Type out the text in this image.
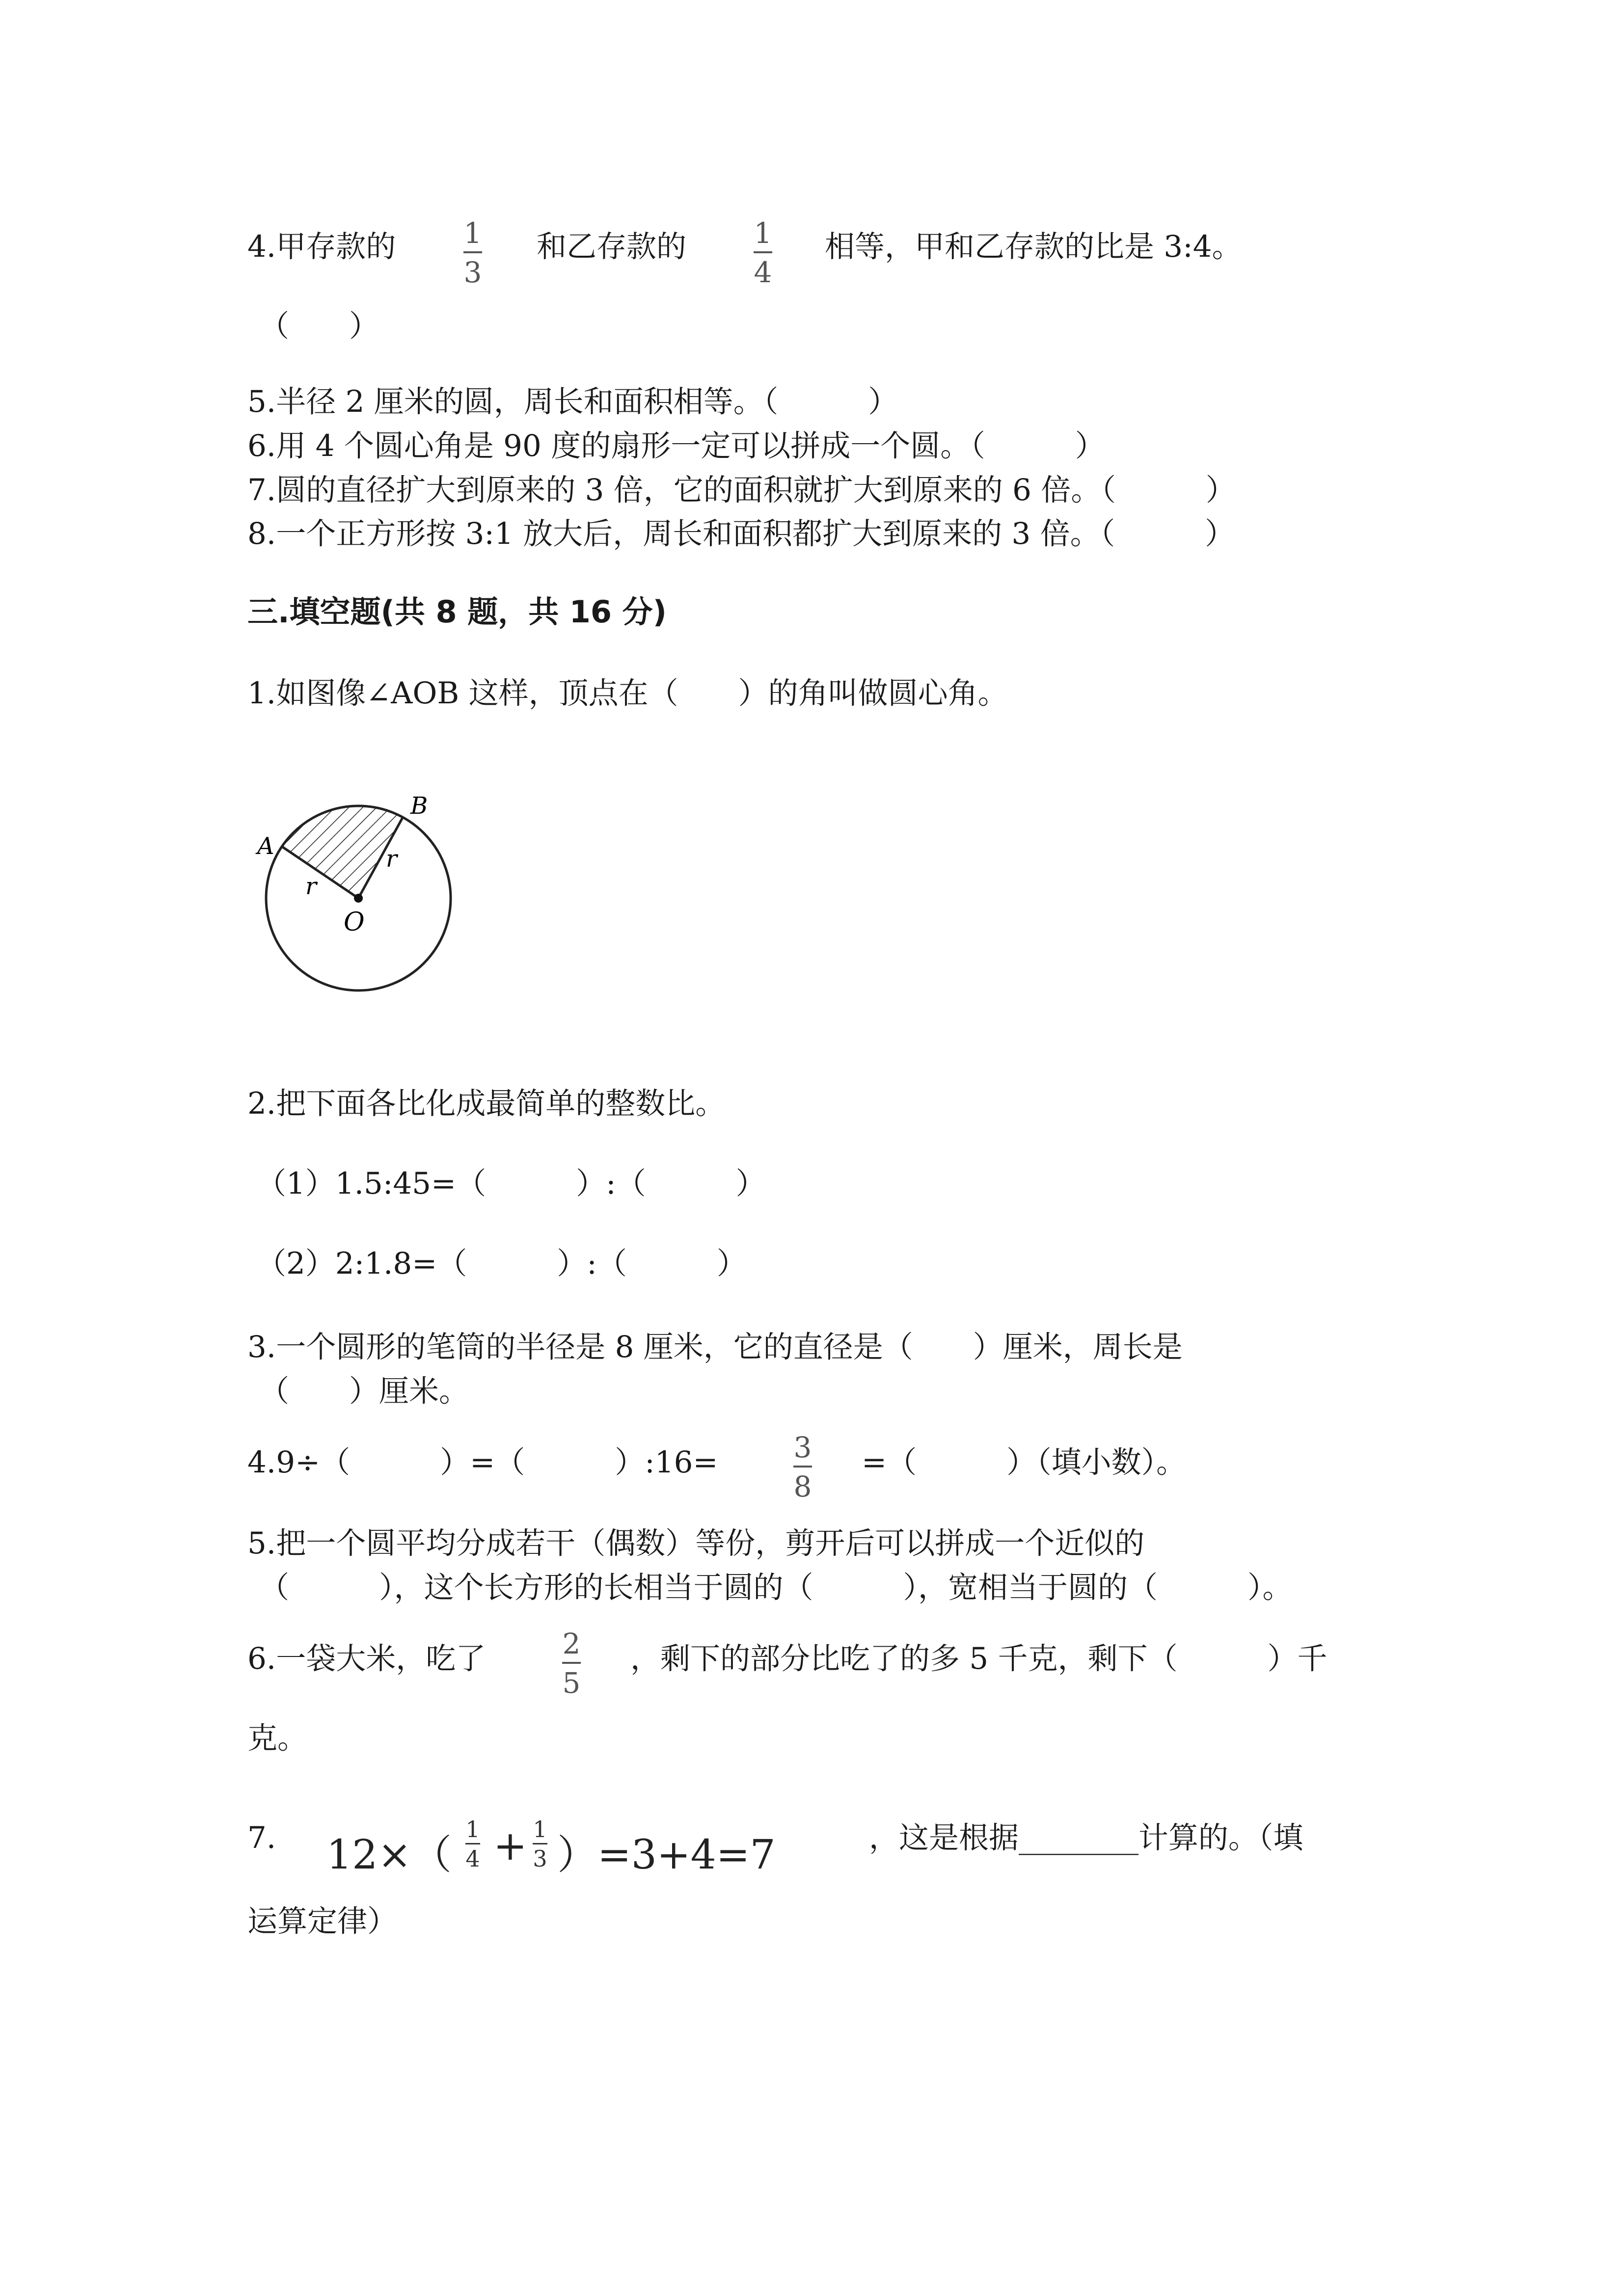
4.甲存款的 1
3
和乙存款的 1
4
相等，甲和乙存款的比是 3:4。
（　　）
5.半径 2 厘米的圆，周长和面积相等。（　　　）
6.用 4 个圆心角是 90 度的扇形一定可以拼成一个圆。（　　　）
7.圆的直径扩大到原来的 3 倍，它的面积就扩大到原来的 6 倍。（　　　）
8.一个正方形按 3:1 放大后，周长和面积都扩大到原来的 3 倍。（　　　）
三.填空题(共 8 题，共 16 分)
1.如图像∠AOB 这样，顶点在（　　）的角叫做圆心角。
A
B
O
r
r
2.把下面各比化成最简单的整数比。
（1）1.5:45=（　　　）:（　　　）
（2）2:1.8=（　　　）:（　　　）
3.一个圆形的笔筒的半径是 8 厘米，它的直径是（　　）厘米，周长是
（　　）厘米。
4.9÷（　　　）=（　　　）:16=	3
8
=（　　　）（填小数）。
5.把一个圆平均分成若干（偶数）等份，剪开后可以拼成一个近似的
（　　　），这个长方形的长相当于圆的（　　　），宽相当于圆的（　　　）。
6.一袋大米，吃了	2
5
，剩下的部分比吃了的多 5 千克，剩下（　　　）千
克。
7. 12×（
1
4 + 1
3 ）=3+4=7	，这是根据________计算的。（填
运算定律）
